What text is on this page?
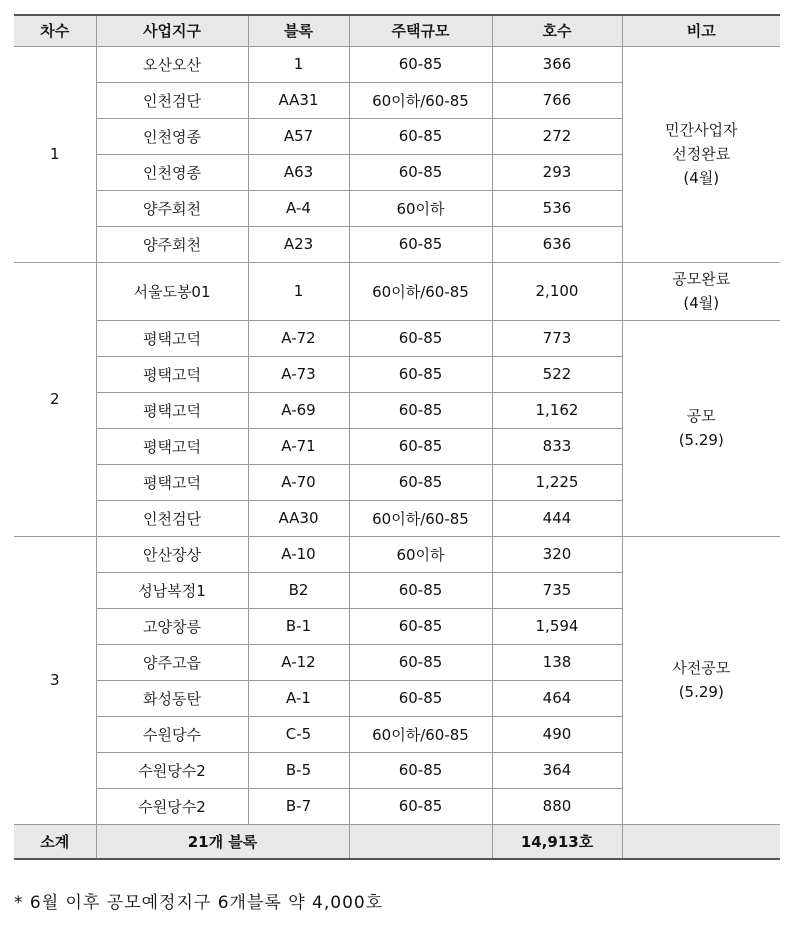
차수	사업지구	블록	주택규모	호수	비고
1	오산오산	1	60-85	366	민간사업자
선정완료
(4월)
	인천검단	AA31	60이하/60-85	766	
	인천영종	A57	60-85	272	
	인천영종	A63	60-85	293	
	양주회천	A-4	60이하	536	
	양주회천	A23	60-85	636	
2	서울도봉01	1	60이하/60-85	2,100	공모완료
(4월)
	평택고덕	A-72	60-85	773	공모
(5.29)
	평택고덕	A-73	60-85	522	
	평택고덕	A-69	60-85	1,162	
	평택고덕	A-71	60-85	833	
	평택고덕	A-70	60-85	1,225	
	인천검단	AA30	60이하/60-85	444	
3	안산장상	A-10	60이하	320	사전공모
(5.29)
	성남복정1	B2	60-85	735	
	고양창릉	B-1	60-85	1,594	
	양주고읍	A-12	60-85	138	
	화성동탄	A-1	60-85	464	
	수원당수	C-5	60이하/60-85	490	
	수원당수2	B-5	60-85	364	
	수원당수2	B-7	60-85	880	
소계	21개 블록			14,913호	
* 6월 이후 공모예정지구 6개블록 약 4,000호
